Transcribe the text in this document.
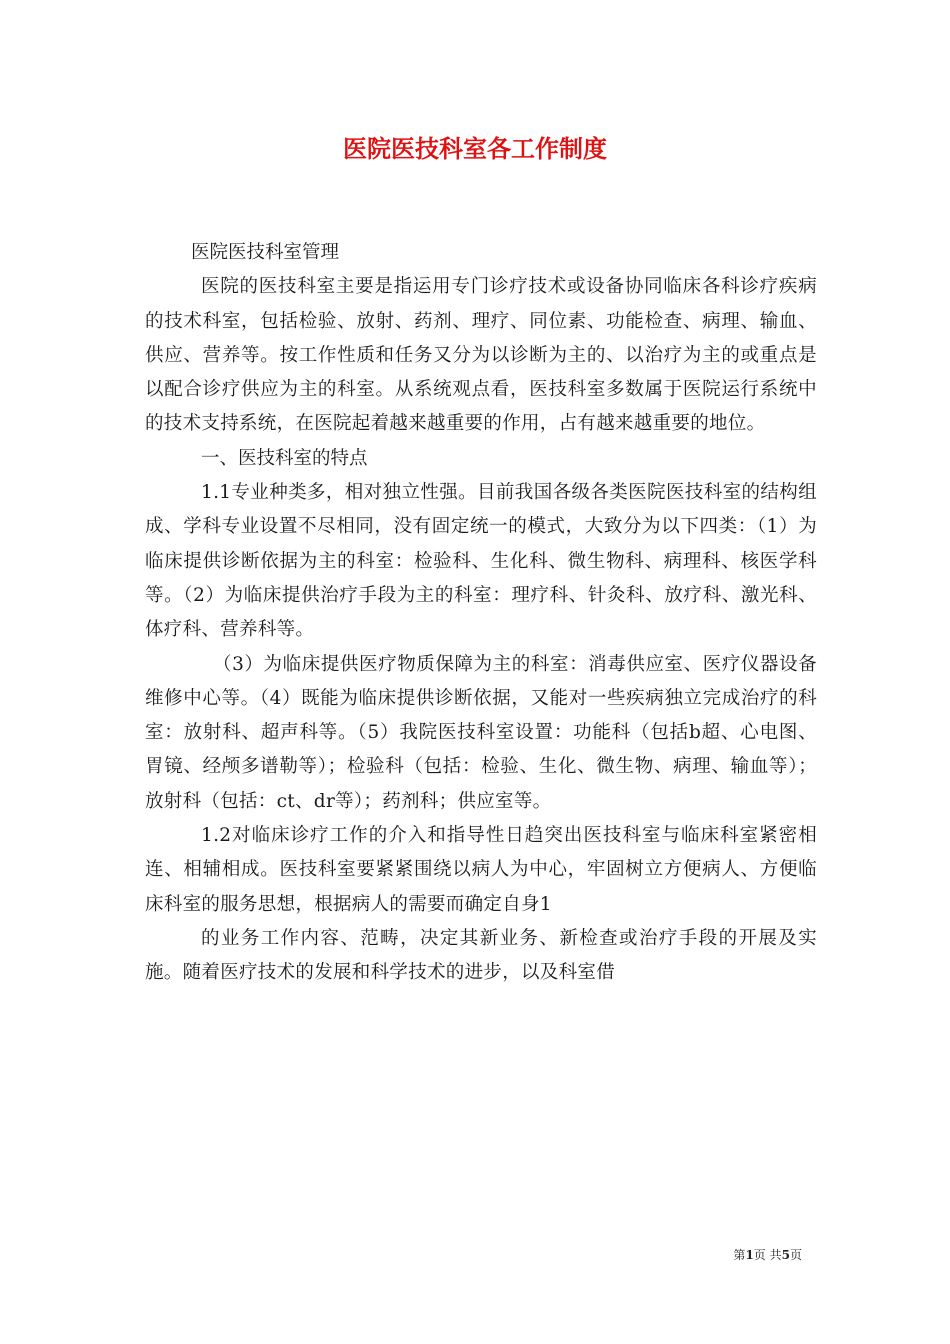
医院医技科室各工作制度

医院医技科室管理

医院的医技科室主要是指运用专门诊疗技术或设备协同临床各科诊疗疾病的技术科室，包括检验、放射、药剂、理疗、同位素、功能检查、病理、输血、供应、营养等。按工作性质和任务又分为以诊断为主的、以治疗为主的或重点是以配合诊疗供应为主的科室。从系统观点看，医技科室多数属于医院运行系统中的技术支持系统，在医院起着越来越重要的作用，占有越来越重要的地位。

一、医技科室的特点

1.1专业种类多，相对独立性强。目前我国各级各类医院医技科室的结构组成、学科专业设置不尽相同，没有固定统一的模式，大致分为以下四类：（1）为临床提供诊断依据为主的科室：检验科、生化科、微生物科、病理科、核医学科等。（2）为临床提供治疗手段为主的科室：理疗科、针灸科、放疗科、激光科、体疗科、营养科等。

（3）为临床提供医疗物质保障为主的科室：消毒供应室、医疗仪器设备维修中心等。（4）既能为临床提供诊断依据，又能对一些疾病独立完成治疗的科室：放射科、超声科等。（5）我院医技科室设置：功能科（包括b超、心电图、胃镜、经颅多谱勒等）；检验科（包括：检验、生化、微生物、病理、输血等）；放射科（包括：ct、dr等）；药剂科；供应室等。

1.2对临床诊疗工作的介入和指导性日趋突出医技科室与临床科室紧密相连、相辅相成。医技科室要紧紧围绕以病人为中心，牢固树立方便病人、方便临床科室的服务思想，根据病人的需要而确定自身1

的业务工作内容、范畴，决定其新业务、新检查或治疗手段的开展及实施。随着医疗技术的发展和科学技术的进步，以及科室借

第1页 共5页
